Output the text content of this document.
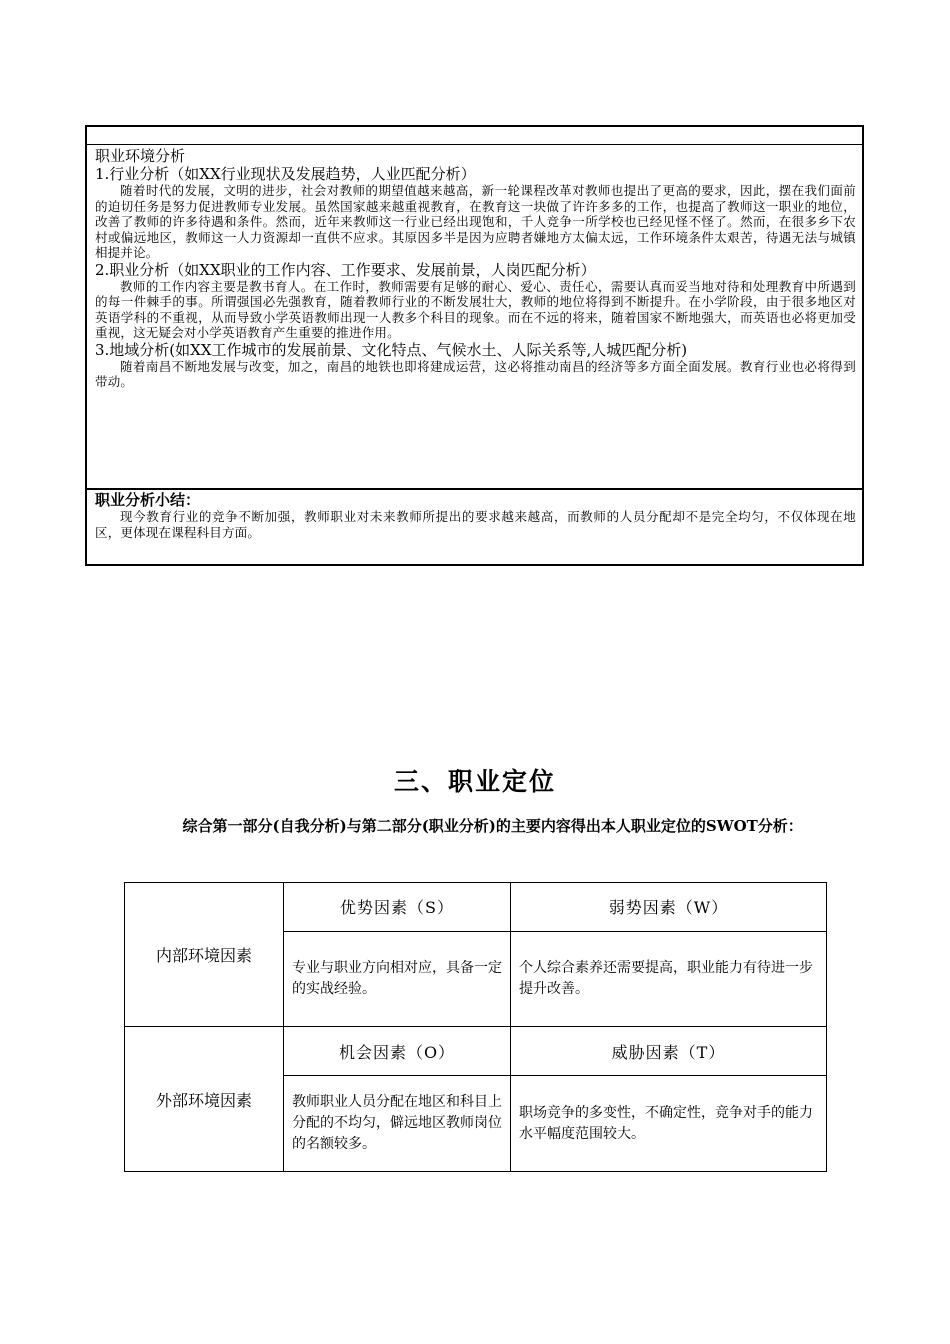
职业环境分析
1.行业分析（如XX行业现状及发展趋势，人业匹配分析）
随着时代的发展，文明的进步，社会对教师的期望值越来越高，新一轮课程改革对教师也提出了更高的要求，因此，摆在我们面前的迫切任务是努力促进教师专业发展。虽然国家越来越重视教育，在教育这一块做了许许多多的工作，也提高了教师这一职业的地位，改善了教师的许多待遇和条件。然而，近年来教师这一行业已经出现饱和，千人竞争一所学校也已经见怪不怪了。然而，在很多乡下农村或偏远地区，教师这一人力资源却一直供不应求。其原因多半是因为应聘者嫌地方太偏太远，工作环境条件太艰苦，待遇无法与城镇相提并论。
2.职业分析（如XX职业的工作内容、工作要求、发展前景，人岗匹配分析）
教师的工作内容主要是教书育人。在工作时，教师需要有足够的耐心、爱心、责任心，需要认真而妥当地对待和处理教育中所遇到的每一件棘手的事。所谓强国必先强教育，随着教师行业的不断发展壮大，教师的地位将得到不断提升。在小学阶段，由于很多地区对英语学科的不重视，从而导致小学英语教师出现一人教多个科目的现象。而在不远的将来，随着国家不断地强大，而英语也必将更加受重视，这无疑会对小学英语教育产生重要的推进作用。
3.地域分析(如XX工作城市的发展前景、文化特点、气候水土、人际关系等,人城匹配分析)
随着南昌不断地发展与改变，加之，南昌的地铁也即将建成运营，这必将推动南昌的经济等多方面全面发展。教育行业也必将得到带动。
职业分析小结：
现今教育行业的竞争不断加强，教师职业对未来教师所提出的要求越来越高，而教师的人员分配却不是完全均匀，不仅体现在地区，更体现在课程科目方面。
三、职业定位
综合第一部分(自我分析)与第二部分(职业分析)的主要内容得出本人职业定位的SWOT分析：
内部环境因素	优势因素（S）	弱势因素（W）
	专业与职业方向相对应，具备一定的实战经验。	个人综合素养还需要提高，职业能力有待进一步提升改善。
外部环境因素	机会因素（O）	威胁因素（T）
	教师职业人员分配在地区和科目上分配的不均匀，僻远地区教师岗位的名额较多。	职场竞争的多变性，不确定性，竞争对手的能力水平幅度范围较大。
